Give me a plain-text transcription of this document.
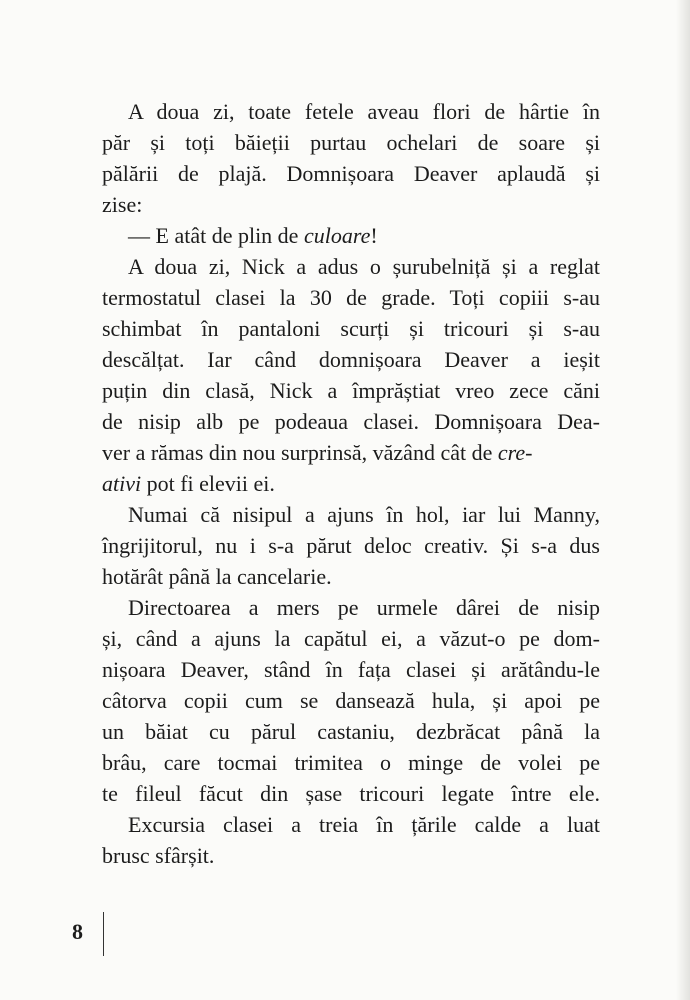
A doua zi, toate fetele aveau flori de hârtie în
păr și toți băieții purtau ochelari de soare și
pălării de plajă. Domnișoara Deaver aplaudă și
zise:
— E atât de plin de culoare!
A doua zi, Nick a adus o șurubelniță și a reglat
termostatul clasei la 30 de grade. Toți copiii s-au
schimbat în pantaloni scurți și tricouri și s-au
descălțat. Iar când domnișoara Deaver a ieșit
puțin din clasă, Nick a împrăștiat vreo zece căni
de nisip alb pe podeaua clasei. Domnișoara Dea-
ver a rămas din nou surprinsă, văzând cât de cre-
ativi pot fi elevii ei.
Numai că nisipul a ajuns în hol, iar lui Manny,
îngrijitorul, nu i s-a părut deloc creativ. Și s-a dus
hotărât până la cancelarie.
Directoarea a mers pe urmele dârei de nisip
și, când a ajuns la capătul ei, a văzut-o pe dom-
nișoara Deaver, stând în fața clasei și arătându-le
câtorva copii cum se dansează hula, și apoi pe
un băiat cu părul castaniu, dezbrăcat până la
brâu, care tocmai trimitea o minge de volei pe
te fileul făcut din șase tricouri legate între ele.
Excursia clasei a treia în țările calde a luat
brusc sfârșit.
8
